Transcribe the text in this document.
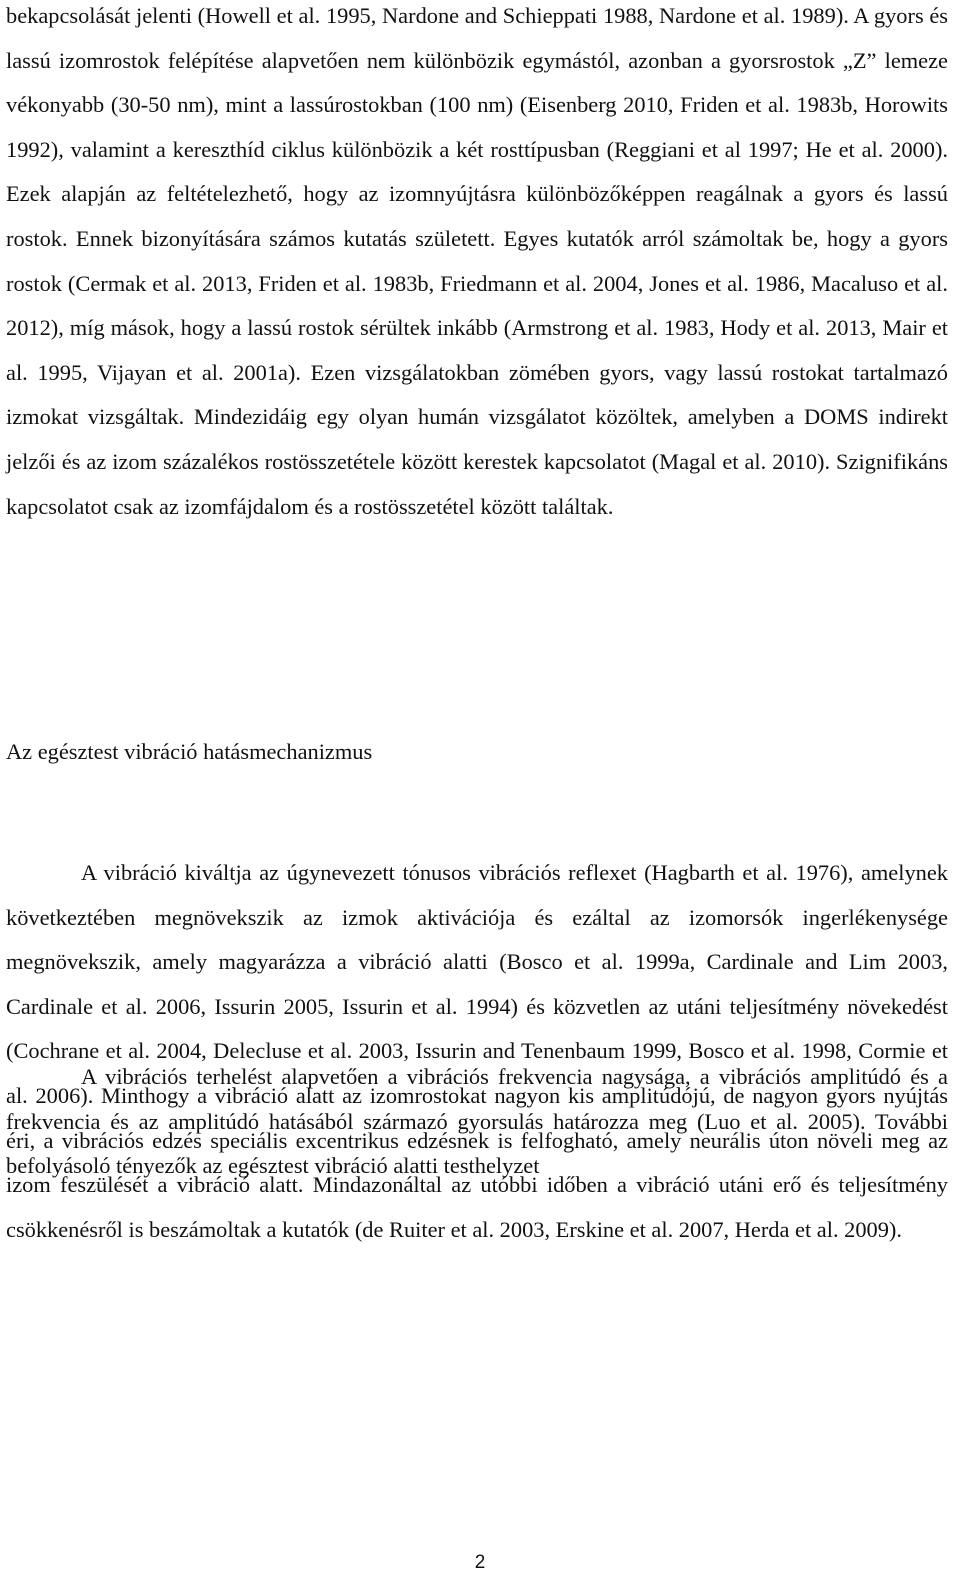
bekapcsolását jelenti (Howell et al. 1995, Nardone and Schieppati 1988, Nardone et al. 1989). A gyors és lassú izomrostok felépítése alapvetően nem különbözik egymástól, azonban a gyorsrostok „Z” lemeze vékonyabb (30-50 nm), mint a lassúrostokban (100 nm) (Eisenberg 2010, Friden et al. 1983b, Horowits 1992), valamint a kereszthíd ciklus különbözik a két rosttípusban (Reggiani et al 1997; He et al. 2000). Ezek alapján az feltételezhető, hogy az izomnyújtásra különbözőképpen reagálnak a gyors és lassú rostok. Ennek bizonyítására számos kutatás született. Egyes kutatók arról számoltak be, hogy a gyors rostok (Cermak et al. 2013, Friden et al. 1983b, Friedmann et al. 2004, Jones et al. 1986, Macaluso et al. 2012), míg mások, hogy a lassú rostok sérültek inkább (Armstrong et al. 1983, Hody et al. 2013, Mair et al. 1995, Vijayan et al. 2001a). Ezen vizsgálatokban zömében gyors, vagy lassú rostokat tartalmazó izmokat vizsgáltak. Mindezidáig egy olyan humán vizsgálatot közöltek, amelyben a DOMS indirekt jelzői és az izom százalékos rostösszetétele között kerestek kapcsolatot (Magal et al. 2010). Szignifikáns kapcsolatot csak az izomfájdalom és a rostösszetétel között találtak.

Az egésztest vibráció hatásmechanizmus

A vibráció kiváltja az úgynevezett tónusos vibrációs reflexet (Hagbarth et al. 1976), amelynek következtében megnövekszik az izmok aktivációja és ezáltal az izomorsók ingerlékenysége megnövekszik, amely magyarázza a vibráció alatti (Bosco et al. 1999a, Cardinale and Lim 2003, Cardinale et al. 2006, Issurin 2005, Issurin et al. 1994) és közvetlen az utáni teljesítmény növekedést (Cochrane et al. 2004, Delecluse et al. 2003, Issurin and Tenenbaum 1999, Bosco et al. 1998, Cormie et al. 2006). Minthogy a vibráció alatt az izomrostokat nagyon kis amplitúdójú, de nagyon gyors nyújtás éri, a vibrációs edzés speciális excentrikus edzésnek is felfogható, amely neurális úton növeli meg az izom feszülését a vibráció alatt. Mindazonáltal az utóbbi időben a vibráció utáni erő és teljesítmény csökkenésről is beszámoltak a kutatók (de Ruiter et al. 2003, Erskine et al. 2007, Herda et al. 2009).

A vibrációs terhelést alapvetően a vibrációs frekvencia nagysága, a vibrációs amplitúdó és a frekvencia és az amplitúdó hatásából származó gyorsulás határozza meg (Luo et al. 2005). További befolyásoló tényezők az egésztest vibráció alatti testhelyzet

2
